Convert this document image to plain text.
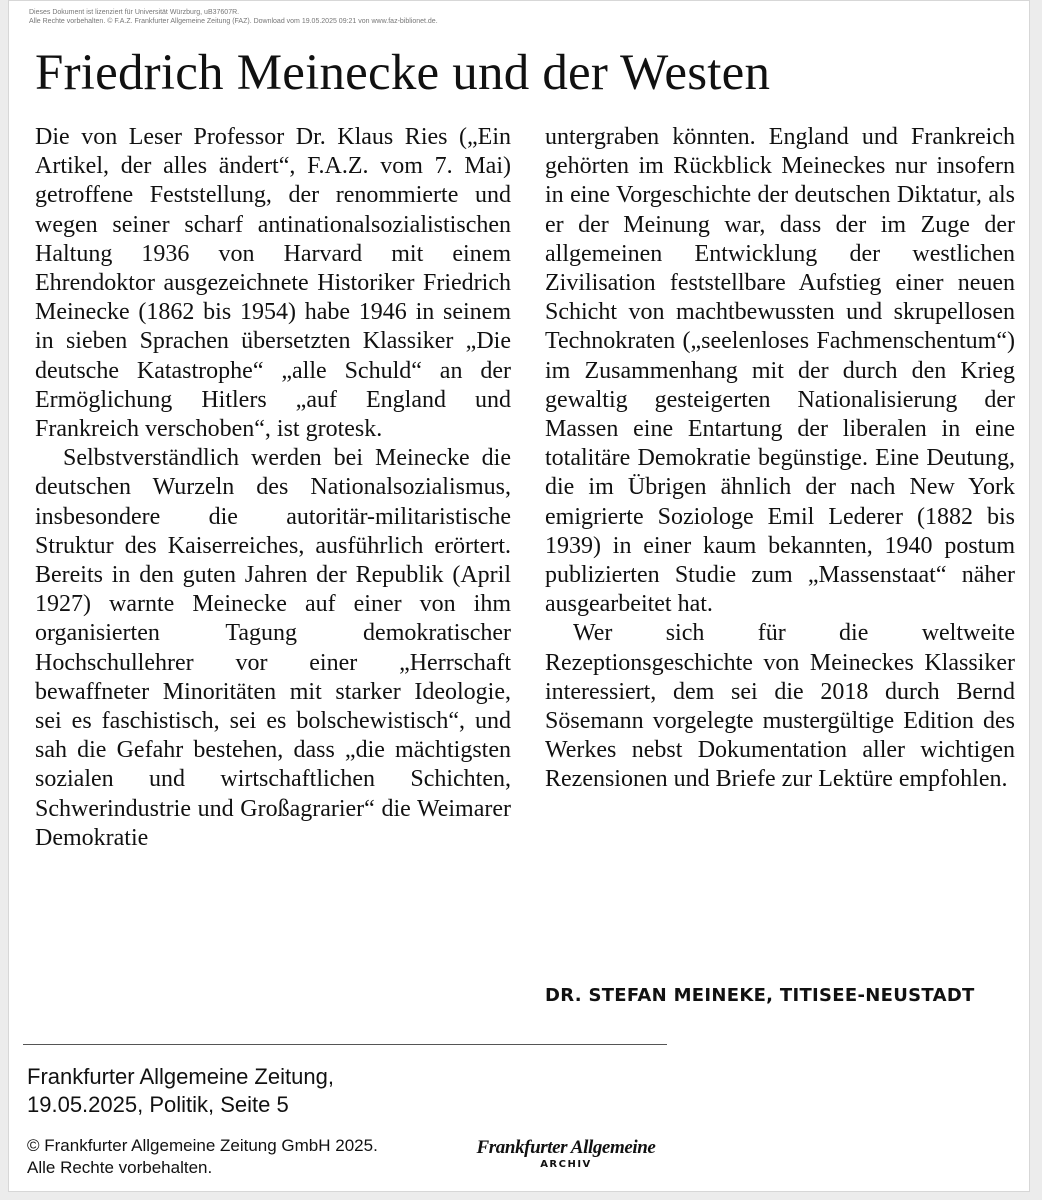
Dieses Dokument ist lizenziert für Universität Würzburg, uB37607R.
Alle Rechte vorbehalten. © F.A.Z. Frankfurter Allgemeine Zeitung (FAZ). Download vom 19.05.2025 09:21 von www.faz-biblionet.de.
Friedrich Meinecke und der Westen

Die von Leser Professor Dr. Klaus Ries („Ein Artikel, der alles ändert“, F.A.Z. vom 7. Mai) getroffene Feststellung, der renommierte und wegen seiner scharf antinationalsozialistischen Haltung 1936 von Harvard mit einem Ehrendoktor ausgezeichnete Historiker Friedrich Meinecke (1862 bis 1954) habe 1946 in seinem in sieben Sprachen übersetzten Klassiker „Die deutsche Katastrophe“ „alle Schuld“ an der Ermöglichung Hitlers „auf England und Frankreich verschoben“, ist grotesk.

Selbstverständlich werden bei Meinecke die deutschen Wurzeln des Nationalsozialismus, insbesondere die autoritär-militaristische Struktur des Kaiserreiches, ausführlich erörtert. Bereits in den guten Jahren der Republik (April 1927) warnte Meinecke auf einer von ihm organisierten Tagung demokratischer Hochschullehrer vor einer „Herrschaft bewaffneter Minoritäten mit starker Ideologie, sei es faschistisch, sei es bolschewistisch“, und sah die Gefahr bestehen, dass „die mächtigsten sozialen und wirtschaftlichen Schichten, Schwerindustrie und Großagrarier“ die Weimarer Demokratie

untergraben könnten. England und Frankreich gehörten im Rückblick Meineckes nur insofern in eine Vorgeschichte der deutschen Diktatur, als er der Meinung war, dass der im Zuge der allgemeinen Entwicklung der westlichen Zivilisation feststellbare Aufstieg einer neuen Schicht von machtbewussten und skrupellosen Technokraten („seelenloses Fachmenschentum“) im Zusammenhang mit der durch den Krieg gewaltig gesteigerten Nationalisierung der Massen eine Entartung der liberalen in eine totalitäre Demokratie begünstige. Eine Deutung, die im Übrigen ähnlich der nach New York emigrierte Soziologe Emil Lederer (1882 bis 1939) in einer kaum bekannten, 1940 postum publizierten Studie zum „Massenstaat“ näher ausgearbeitet hat.

Wer sich für die weltweite Rezeptionsgeschichte von Meineckes Klassiker interessiert, dem sei die 2018 durch Bernd Sösemann vorgelegte mustergültige Edition des Werkes nebst Dokumentation aller wichtigen Rezensionen und Briefe zur Lektüre empfohlen.

DR. STEFAN MEINEKE, TITISEE-NEUSTADT
Frankfurter Allgemeine Zeitung,
19.05.2025, Politik, Seite 5
© Frankfurter Allgemeine Zeitung GmbH 2025.
Alle Rechte vorbehalten.
Frankfurter Allgemeine
ARCHIV
